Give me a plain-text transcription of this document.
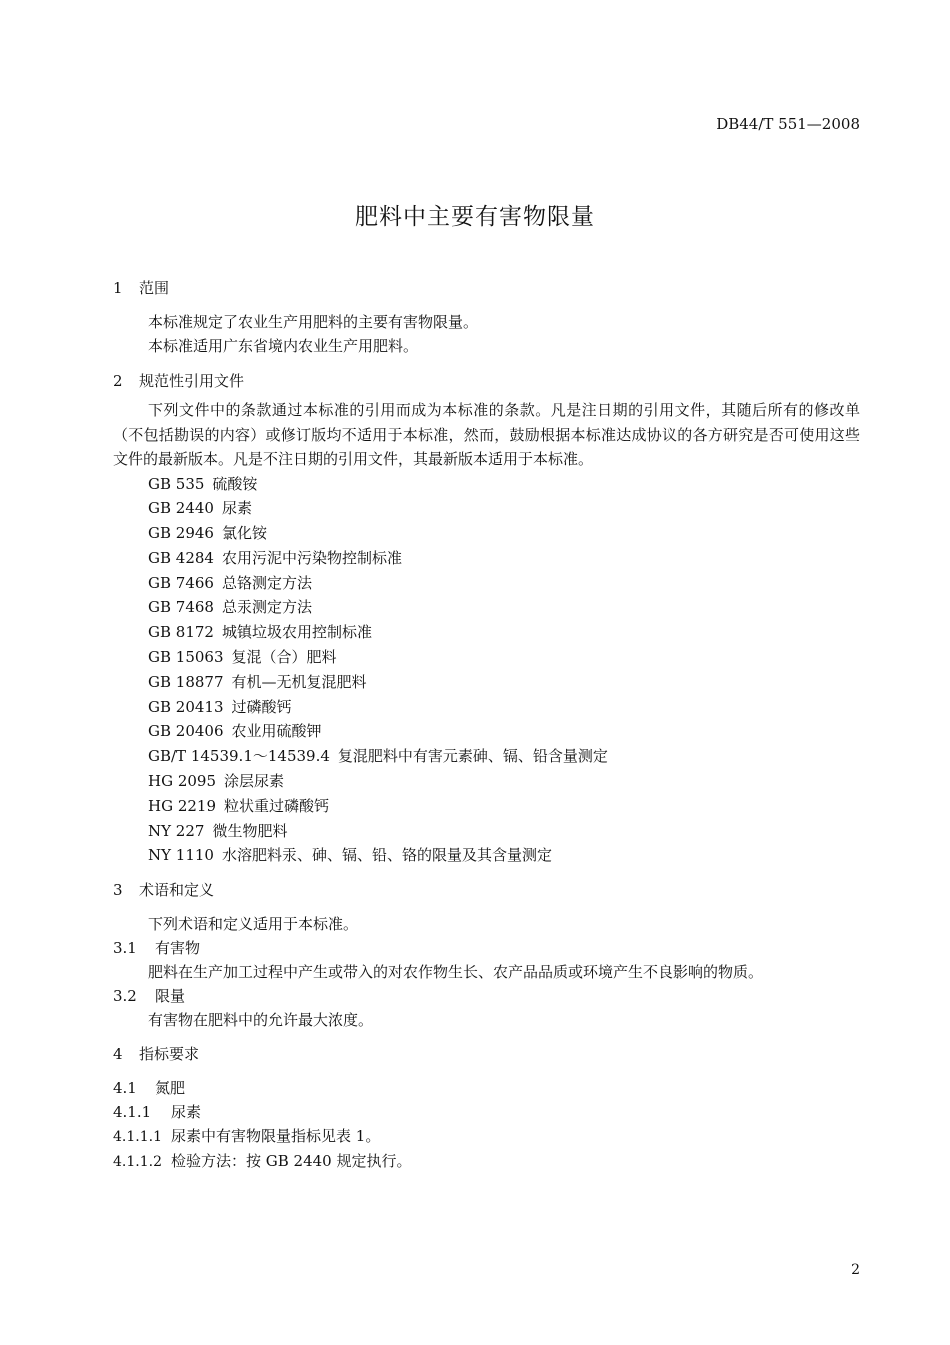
DB44/T 551—2008
肥料中主要有害物限量

1 范围

本标准规定了农业生产用肥料的主要有害物限量。

本标准适用广东省境内农业生产用肥料。

2 规范性引用文件

下列文件中的条款通过本标准的引用而成为本标准的条款。凡是注日期的引用文件，其随后所有的修改单（不包括勘误的内容）或修订版均不适用于本标准，然而，鼓励根据本标准达成协议的各方研究是否可使用这些文件的最新版本。凡是不注日期的引用文件，其最新版本适用于本标准。

GB 535 硫酸铵

GB 2440 尿素

GB 2946 氯化铵

GB 4284 农用污泥中污染物控制标准

GB 7466 总铬测定方法

GB 7468 总汞测定方法

GB 8172 城镇垃圾农用控制标准

GB 15063 复混（合）肥料

GB 18877 有机—无机复混肥料

GB 20413 过磷酸钙

GB 20406 农业用硫酸钾

GB/T 14539.1～14539.4 复混肥料中有害元素砷、镉、铅含量测定

HG 2095 涂层尿素

HG 2219 粒状重过磷酸钙

NY 227 微生物肥料

NY 1110 水溶肥料汞、砷、镉、铅、铬的限量及其含量测定

3 术语和定义

下列术语和定义适用于本标准。

3.1 有害物

肥料在生产加工过程中产生或带入的对农作物生长、农产品品质或环境产生不良影响的物质。

3.2 限量

有害物在肥料中的允许最大浓度。

4 指标要求

4.1 氮肥

4.1.1 尿素

4.1.1.1 尿素中有害物限量指标见表 1。

4.1.1.2 检验方法：按 GB 2440 规定执行。

2
